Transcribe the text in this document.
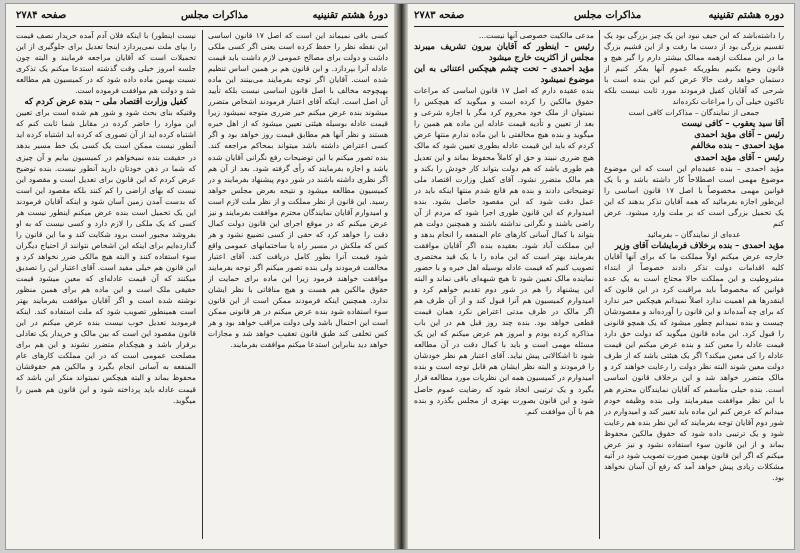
صفحه ۲۷۸۴	مذاکرات مجلس	دورهٔ هشتم تقنینیه

کسی باقی نمیماند این است که اصل ۱۷ قانون اساسی این نقطه نظر را حفظ کرده است یعنی اگر کسی ملکی داشت و دولت برای مصالح عمومی لازم داشت باید قیمت عادله آنرا بپردازد. و این قانون هم بر همین اساس تنظیم شده است. آقایان اگر توجه بفرمایند می‌بینند این ماده بهیچوجه مخالف با اصل قانون اساسی نیست بلکه تأیید آن اصل است. اینکه آقای اعتبار فرمودند اشخاص متضرر میشوند بنده عرض میکنم خیر ضرری متوجه نمیشود زیرا قیمت عادله بوسیله هیئتی تعیین میشود که از اهل خبره هستند و نظر آنها هم مطابق قیمت روز خواهد بود و اگر کسی اعتراض داشته باشد میتواند بمحاکم مراجعه کند. بنده تصور میکنم با این توضیحات رفع نگرانی آقایان شده باشد و اجازه بفرمایند که رأی گرفته شود. بعد از آن هم اگر نظری داشته باشند در شور دوم پیشنهاد بفرمایند و در کمیسیون مطالعه میشود و نتیجه بعرض مجلس خواهد رسید. این قانون از نظر مملکت و از نظر ملت لازم است و امیدوارم آقایان نمایندگان محترم موافقت بفرمایند و نیز عرض میکنم که در موقع اجرای این قانون دولت کمال دقت را خواهد کرد که حقی از کسی تضییع نشود و هر کس که ملکش در مسیر راه یا ساختمانهای عمومی واقع شود قیمت آنرا بطور کامل دریافت کند. آقای اعتبار مخالفت فرمودند ولی بنده تصور میکنم اگر توجه بفرمایند موافقت خواهند فرمود زیرا این ماده برای حمایت از حقوق مالکین هم هست و هیچ منافاتی با نظر ایشان ندارد. همچنین اینکه فرمودند ممکن است از این قانون سوء استفاده شود بنده عرض میکنم در هر قانونی ممکن است این احتمال باشد ولی دولت مراقب خواهد بود و هر کس تخلفی کند طبق قانون تعقیب خواهد شد و مجازات خواهد دید بنابراین استدعا میکنم موافقت بفرمایند.

نیست اینطور) با اینکه فلان آدم آمده خریدار نصف قیمت را بپای ملت نمی‌پردازد اینجا تعدیل برای جلوگیری از این تحمیلات است که آقایان مراجعه فرمایند و البته چون جلسه امروز خیلی وقت گذشته استدعا میکنم یک تذکری نسبت بهمین ماده داده شود که در کمیسیون هم مطالعه شد و دولت هم موافقت فرموده است.

کفیل وزارت اقتصاد ملی – بنده عرض کردم که

وقتیکه بنای بحث شود و شور هم شده است برای تعیین این موارد را حاضر کرده در مقابل شما ثابت کنم که اشتباه کرده اید از آن تصوری که کرده اید اشتباه کرده اید آنطور نیست ممکن است یک کسی یک خط مسیر بدهد در حقیقت بنده نمیخواهم در کمیسیون بیایم و آن چیزی که شما در ذهن خودتان دارید آنطور نیست. بنده توضیح عرض کردم که این قانون برای تعدیل است و مقصود این نیست که بهای اراضی را کم کنند بلکه مقصود این است که بدست آمدن زمین آسان شود و اینکه آقایان فرمودند این یک تحمیل است بنده عرض میکنم اینطور نیست هر کسی که یک ملکی را لازم دارد و کسی نیست که به او بفروشد مجبور است برود شکایت کند و ما این قانون را گذارده‌ایم برای اینکه این اشخاص نتوانند از احتیاج دیگران سوء استفاده کنند و البته هیچ مالکی ضرر نخواهد کرد و این قانون هم خیلی مفید است. آقای اعتبار این را تصدیق میکنند که آن قیمت عادله‌ای که معین میشود قیمت حقیقی ملک است و این ماده هم برای همین منظور نوشته شده است و اگر آقایان موافقت بفرمایند بهتر است همینطور تصویب شود که ملت استفاده کند. اینکه فرمودید تعدیل خوب نیست بنده عرض میکنم در این قانون مقصود این است که بین مالک و خریدار یک تعادلی برقرار باشد و هیچکدام متضرر نشوند و این هم برای مصلحت عمومی است که در این مملکت کارهای عام المنفعه به آسانی انجام بگیرد و مالکین هم حقوقشان محفوظ بماند و البته هیچکس نمیتواند منکر این باشد که قیمت عادله باید پرداخته شود و این قانون هم همین را میگوید.

صفحه ۲۷۸۳	مذاکرات مجلس	دوره هشتم تقنینیه

را داشته‌باشد که این حیف نبود این یک چیز بزرگی بود یک تقسیم بزرگی بود از دست ما رفت و از این قشیم بزرگ ما در این مملکت ازهمه ممالک بیشتر دارم را گیر هیچ و قانون وضع بکنیم بطوریکه عموم آنها بفکر کنیم از دستمان خواهد رفت حالا عرض کنم این بنده است با شرحی که آقایان کفیل فرمودند مورد ثابت نیست بلکه تاکنون خیلی آن را مراعات نکرده‌اند

جمعی از نمایندگان – مذاکرات کافی است

آقا سید یعقوب – کافی نیست

رئیس – آقای مؤید احمدی

مؤید احمدی – بنده مخالفم

رئیس – آقای مؤید احمدی

مؤید احمدی – بنده عقیده‌ام این است که این موضوع موضوع مهمی است اصطلاحاً کار داشته باشد و با یک قوانین مهمی مخصوصاً با اصل ۱۷ قانون اساسی را این‌طور اجازه بفرمائید که همه آقایان تذکر بدهند که این یک تحمیل بزرگی است که بر ملت وارد میشود. عرض کنم

عده‌ای از نمایندگان – بفرمائید

مؤید احمدی – بنده برخلاف فرمایشات آقای وزیر

خارجه عرض میکنم اولاً مملکت ما که برای آنها آقایان کلیه اقدامات دولت تذکر دادند خصوصاً از ابتداء مشروطیت و این مملکت حالا محتاج است به یک عده قوانین که مخصوصاً باید مراقبت کرد در این قانون که اینقدرها هم اهمیت ندارد اصلاً نمیدانم هیچکس خبر ندارد که برای چه آمده‌اند و این قانون را آورده‌اند و مقصودشان چیست و بنده نمیدانم چطور میشود که یک همچو قانونی را قبول کرد. این ماده قانون میگوید که دولت حق دارد قیمت عادله را معین کند و بنده عرض میکنم این قیمت عادله را کی معین میکند؟ اگر یک هیئتی باشد که از طرف دولت معین شوند البته نظر دولت را رعایت خواهند کرد و مالک متضرر خواهد شد و این برخلاف قانون اساسی است. بنده خیلی متأسفم که آقایان نمایندگان محترم هم با این نظر موافقت میفرمایند ولی بنده وظیفه خودم میدانم که عرض کنم این ماده باید تغییر کند و امیدوارم در شور دوم آقایان توجه بفرمایند که این نظر بنده هم رعایت شود و یک ترتیبی داده شود که حقوق مالکین محفوظ بماند و از این قانون سوء استفاده نشود و نیز عرض میکنم که اگر این قانون بهمین صورت تصویب شود در آتیه مشکلات زیادی پیش خواهد آمد که رفع آن آسان نخواهد بود.

مدعی مالکیت خصوصی آنها نیست...

رئیس – اینطور که آقایان بیرون تشریف میبرند مجلس از اکثریت خارج میشود

مؤید احمدی – تحت چشم هیچکس اعتنائی به این موضوع نمیشود

بنده عقیده دارم که اصل ۱۷ قانون اساسی که مراعات حقوق مالکین را کرده است و میگوید که هیچکس را نمیتوان از ملک خود محروم کرد مگر با اجازه شرعی و بعد از تعیین و تأدیه قیمت عادله این ماده هم همین را میگوید و بنده هیچ مخالفتی با این ماده ندارم منتها عرض کردم که باید این قیمت عادله بطوری تعیین شود که مالک هیچ ضرری نبیند و حق او کاملاً محفوظ بماند و این تعدیل هم طوری باشد که هم دولت بتواند کار خودش را بکند و هم مالک متضرر نشود. آقای کفیل وزارت اقتصاد ملی توضیحاتی دادند و بنده هم قانع شدم منتها اینکه باید در عمل دقت شود که این مقصود حاصل بشود. بنده امیدوارم که این قانون طوری اجرا شود که مردم از آن راضی باشند و نگرانی نداشته باشند و همچنین دولت هم بتواند با کمال آسانی کارهای عام المنفعه را انجام بدهد و این مملکت آباد شود. بعقیده بنده اگر آقایان موافقت بفرمایند بهتر است که این ماده را با یک قید مختصری تصویب کنیم که قیمت عادله بوسیله اهل خبره و با حضور نماینده مالک تعیین شود تا هیچ شبهه‌ای باقی نماند و البته این پیشنهاد را هم در شور دوم تقدیم خواهم کرد و امیدوارم کمیسیون هم آنرا قبول کند و از آن طرف هم اگر مالک در ظرف مدتی اعتراض نکرد همان قیمت قطعی خواهد بود. بنده چند روز قبل هم در این باب مذاکره کرده بودم و امروز هم عرض میکنم که این یک مسئله مهمی است و باید با کمال دقت در آن مطالعه شود تا اشکالاتی پیش نیاید. آقای اعتبار هم نظر خودشان را فرمودند و البته نظر ایشان هم قابل توجه است و بنده امیدوارم در کمیسیون همه این نظریات مورد مطالعه قرار بگیرد و یک ترتیبی اتخاذ شود که رضایت عموم حاصل شود و این قانون بصورت بهتری از مجلس بگذرد و بنده هم با آن موافقت کنم.
